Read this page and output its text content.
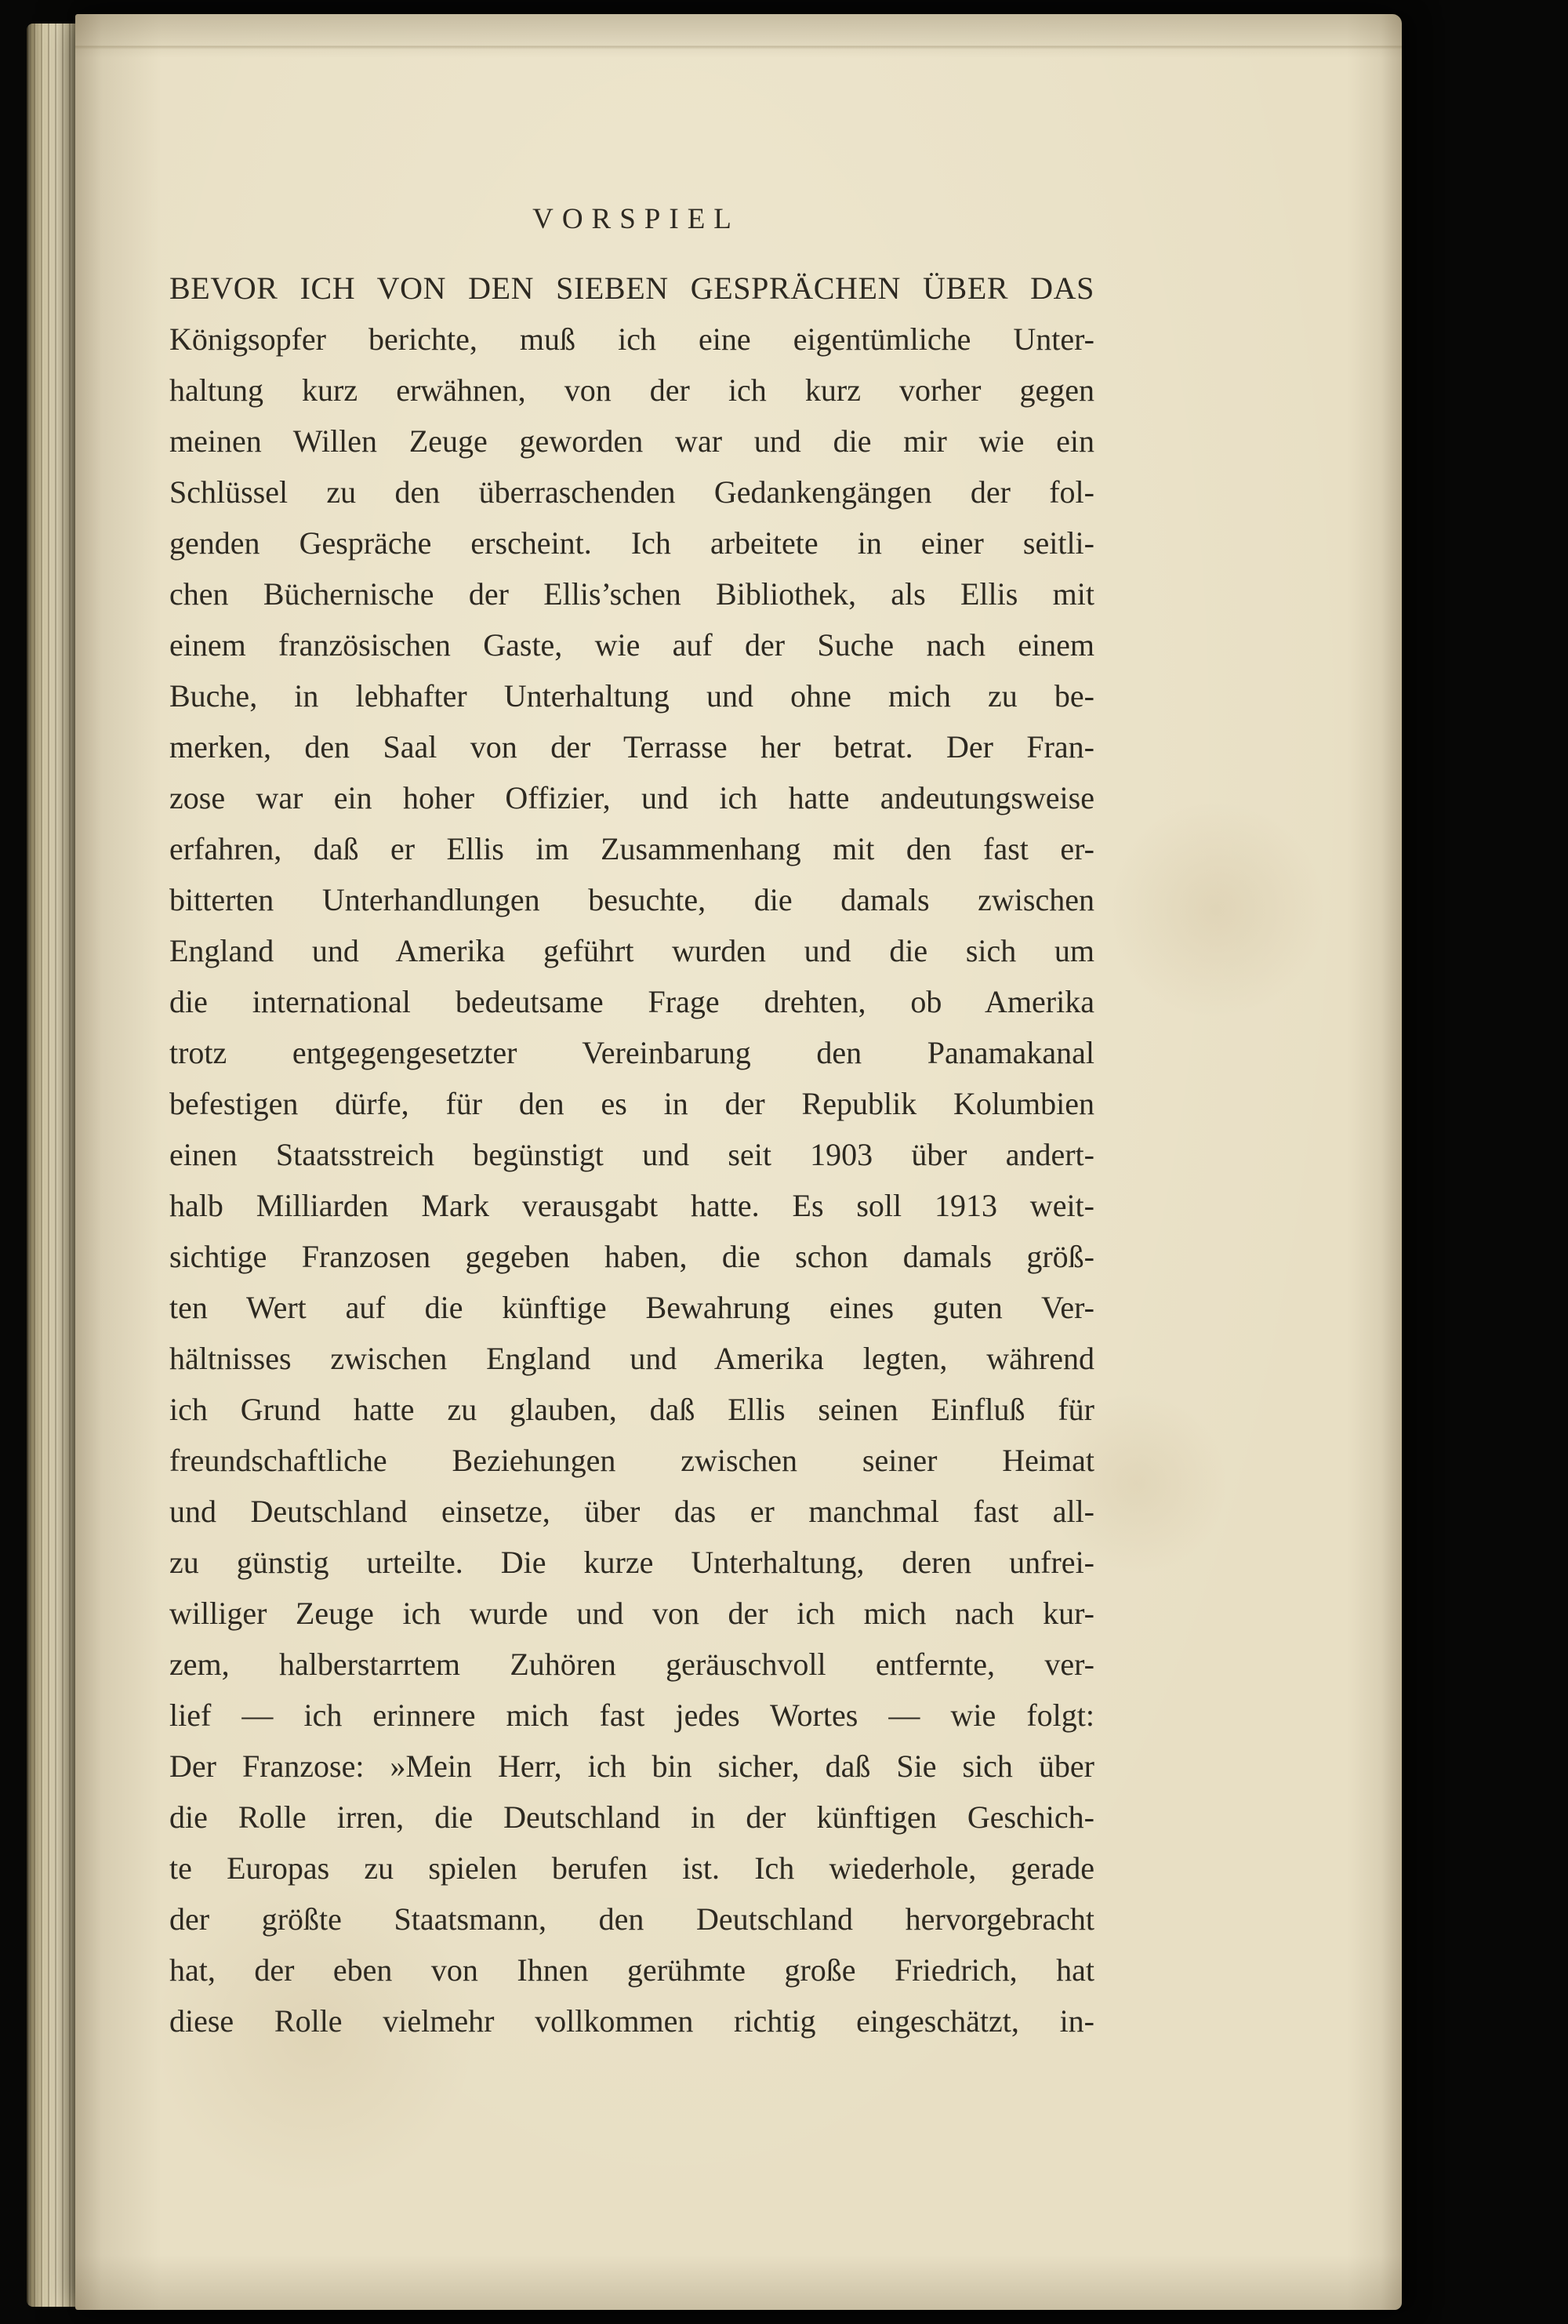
VORSPIEL
BEVOR ICH VON DEN SIEBEN GESPRÄCHEN ÜBER DAS
Königsopfer berichte, muß ich eine eigentümliche Unter-
haltung kurz erwähnen, von der ich kurz vorher gegen
meinen Willen Zeuge geworden war und die mir wie ein
Schlüssel zu den überraschenden Gedankengängen der fol-
genden Gespräche erscheint. Ich arbeitete in einer seitli-
chen Büchernische der Ellis’schen Bibliothek, als Ellis mit
einem französischen Gaste, wie auf der Suche nach einem
Buche, in lebhafter Unterhaltung und ohne mich zu be-
merken, den Saal von der Terrasse her betrat. Der Fran-
zose war ein hoher Offizier, und ich hatte andeutungsweise
erfahren, daß er Ellis im Zusammenhang mit den fast er-
bitterten Unterhandlungen besuchte, die damals zwischen
England und Amerika geführt wurden und die sich um
die international bedeutsame Frage drehten, ob Amerika
trotz entgegengesetzter Vereinbarung den Panamakanal
befestigen dürfe, für den es in der Republik Kolumbien
einen Staatsstreich begünstigt und seit 1903 über andert-
halb Milliarden Mark verausgabt hatte. Es soll 1913 weit-
sichtige Franzosen gegeben haben, die schon damals größ-
ten Wert auf die künftige Bewahrung eines guten Ver-
hältnisses zwischen England und Amerika legten, während
ich Grund hatte zu glauben, daß Ellis seinen Einfluß für
freundschaftliche Beziehungen zwischen seiner Heimat
und Deutschland einsetze, über das er manchmal fast all-
zu günstig urteilte. Die kurze Unterhaltung, deren unfrei-
williger Zeuge ich wurde und von der ich mich nach kur-
zem, halberstarrtem Zuhören geräuschvoll entfernte, ver-
lief — ich erinnere mich fast jedes Wortes — wie folgt:
Der Franzose: »Mein Herr, ich bin sicher, daß Sie sich über
die Rolle irren, die Deutschland in der künftigen Geschich-
te Europas zu spielen berufen ist. Ich wiederhole, gerade
der größte Staatsmann, den Deutschland hervorgebracht
hat, der eben von Ihnen gerühmte große Friedrich, hat
diese Rolle vielmehr vollkommen richtig eingeschätzt, in-
